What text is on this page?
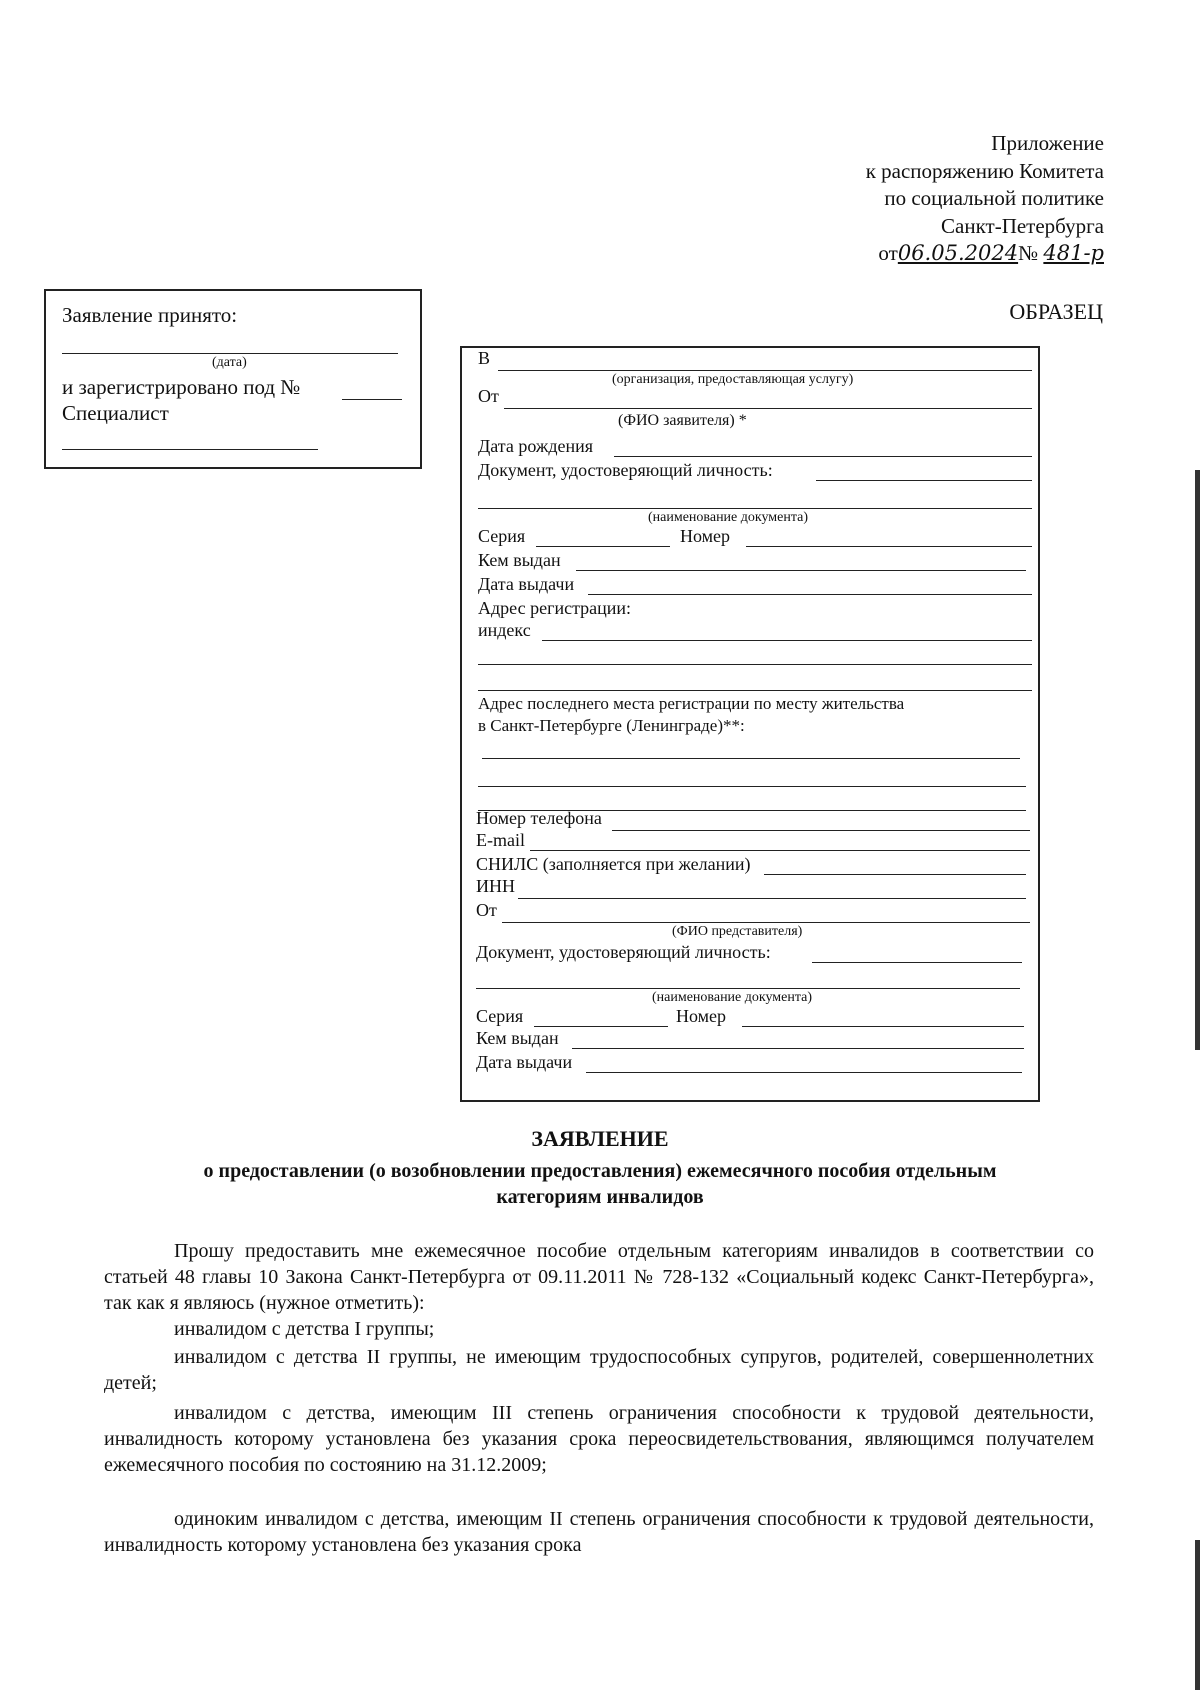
Приложение
к распоряжению Комитета
по социальной политике
Санкт-Петербурга
от06.05.2024№ 481-р
ОБРАЗЕЦ
Заявление принято:
(дата)
и зарегистрировано под №
Специалист
В
(организация, предоставляющая услугу)
От
(ФИО заявителя) *
Дата рождения
Документ, удостоверяющий личность:
(наименование документа)
Серия	Номер
Кем выдан
Дата выдачи
Адрес регистрации:
индекс
Адрес последнего места регистрации по месту жительства
в Санкт-Петербурге (Ленинграде)**:
Номер телефона
E-mail
СНИЛС (заполняется при желании)
ИНН
От
(ФИО представителя)
Документ, удостоверяющий личность:
(наименование документа)
Серия	Номер
Кем выдан
Дата выдачи
ЗАЯВЛЕНИЕ
о предоставлении (о возобновлении предоставления) ежемесячного пособия отдельным
категориям инвалидов
Прошу предоставить мне ежемесячное пособие отдельным категориям инвалидов в соответствии со статьей 48 главы 10 Закона Санкт-Петербурга от 09.11.2011 № 728-132 «Социальный кодекс Санкт-Петербурга», так как я являюсь (нужное отметить):
инвалидом с детства I группы;
инвалидом с детства II группы, не имеющим трудоспособных супругов, родителей, совершеннолетних детей;
инвалидом с детства, имеющим III степень ограничения способности к трудовой деятельности, инвалидность которому установлена без указания срока переосвидетельствования, являющимся получателем ежемесячного пособия по состоянию на 31.12.2009;
одиноким инвалидом с детства, имеющим II степень ограничения способности к трудовой деятельности, инвалидность которому установлена без указания срока
